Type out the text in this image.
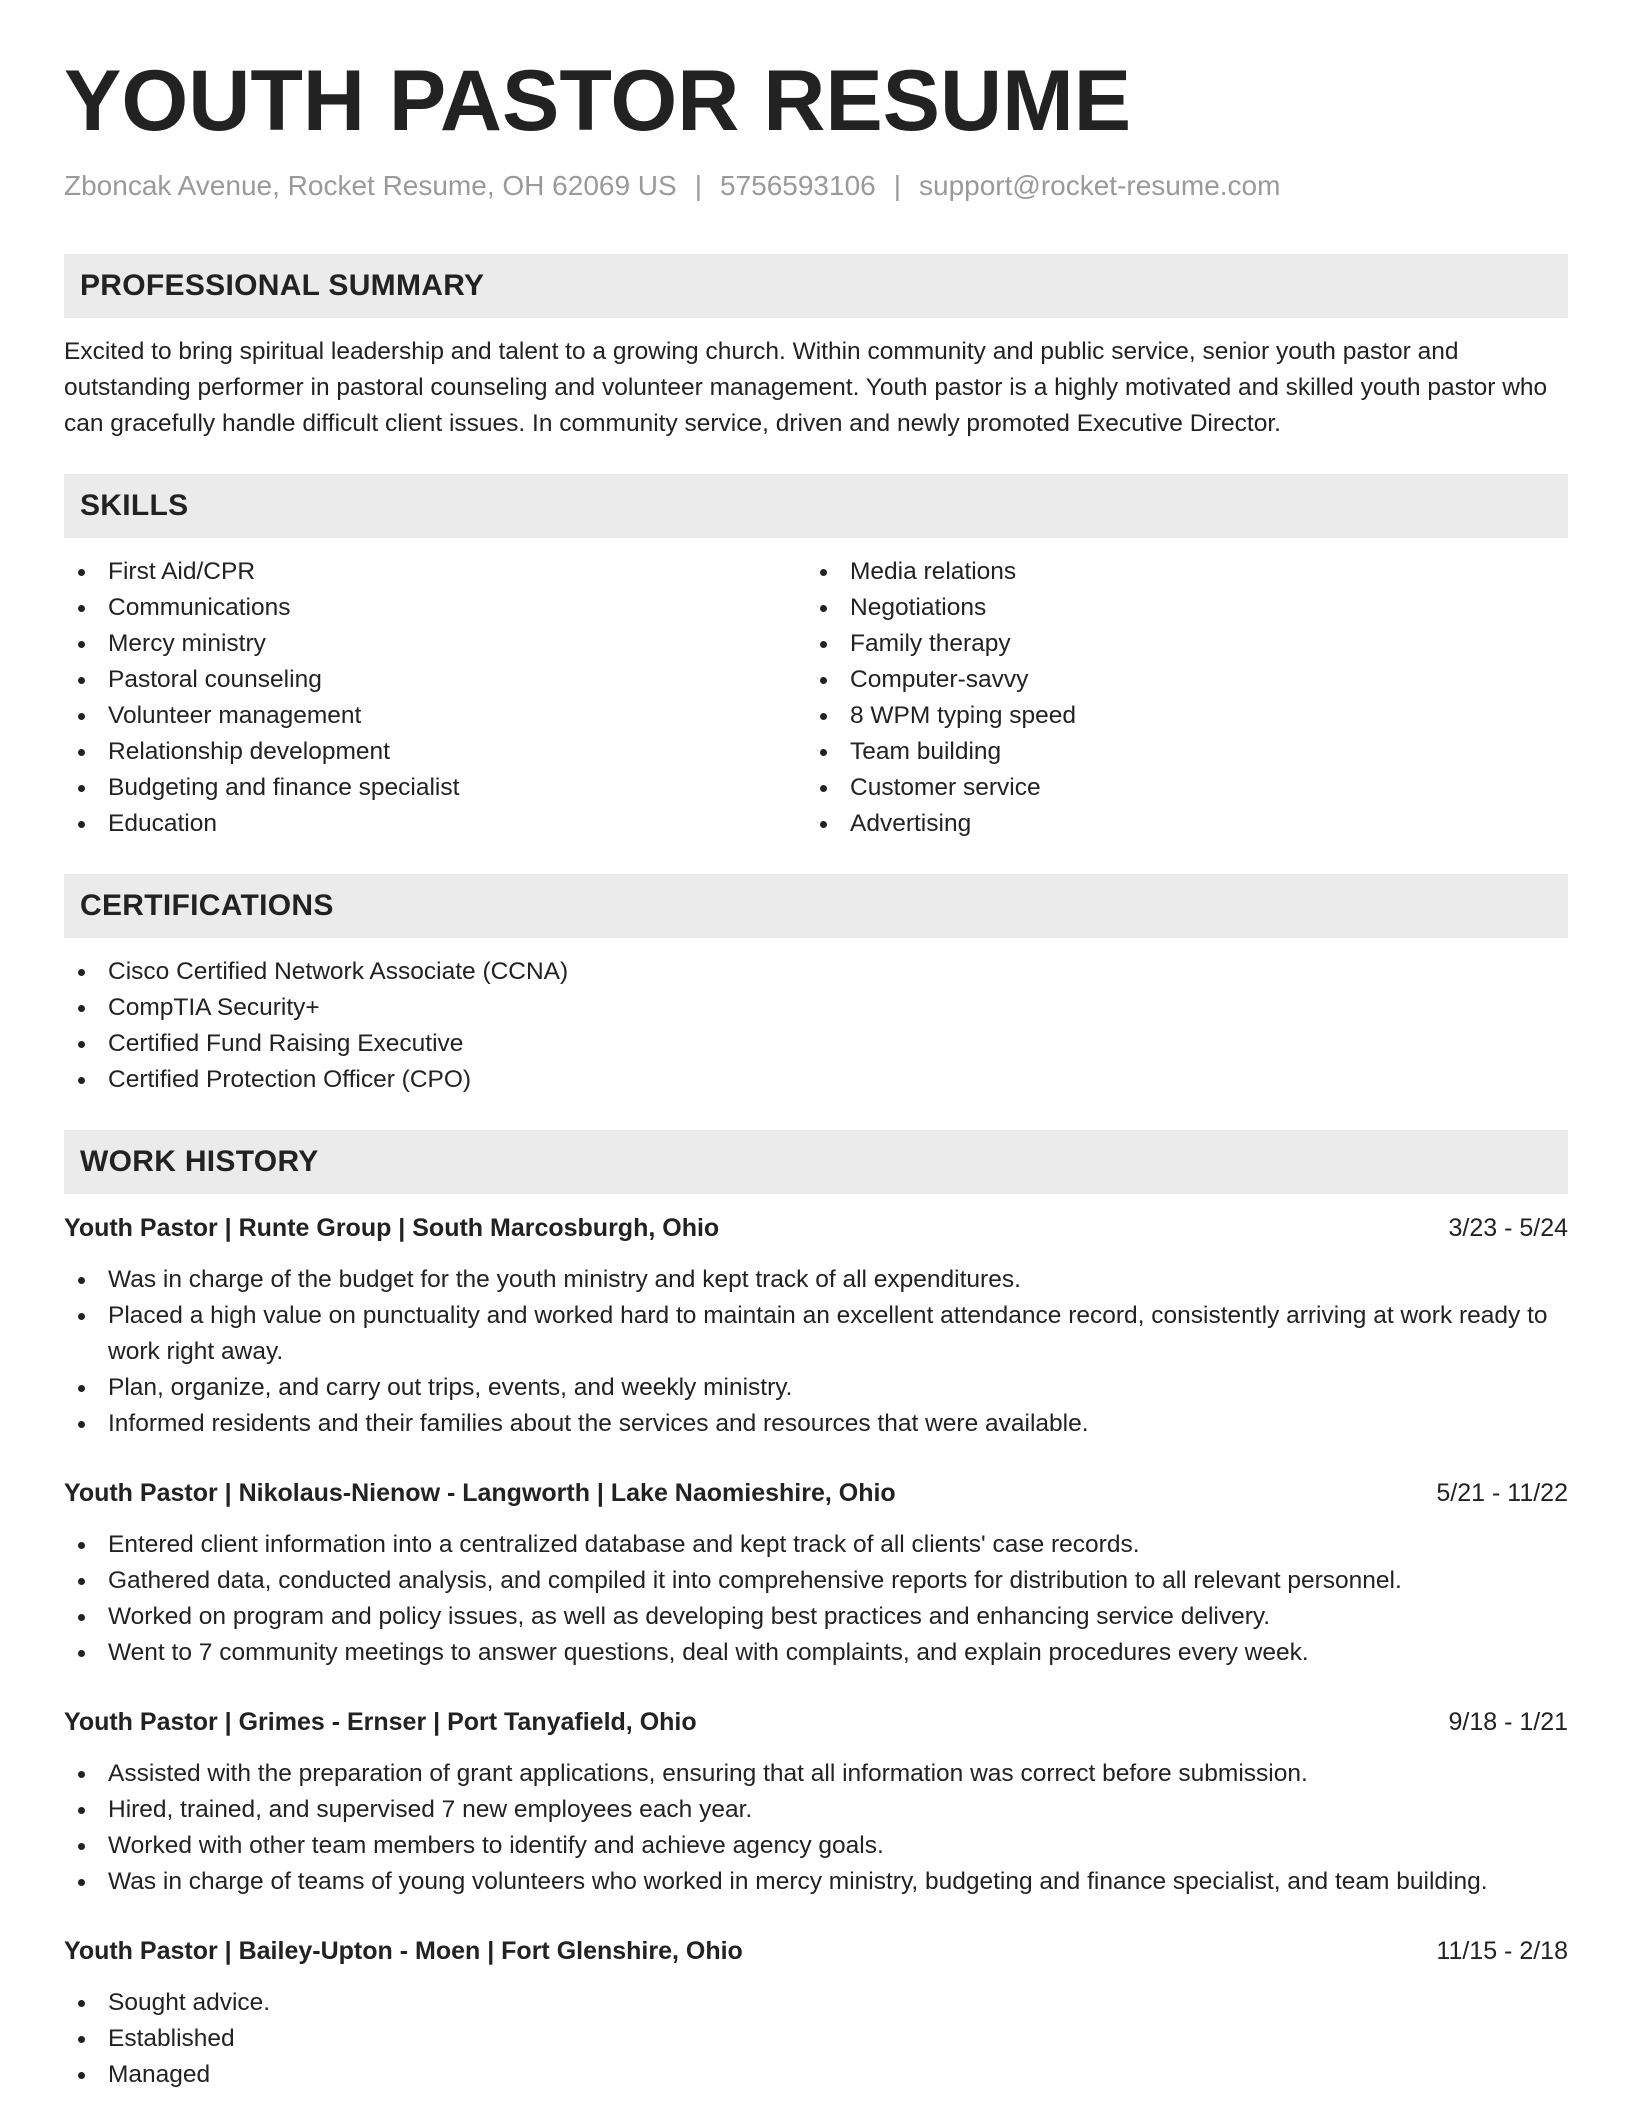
YOUTH PASTOR RESUME
Zboncak Avenue, Rocket Resume, OH 62069 US | 5756593106 | support@rocket-resume.com
PROFESSIONAL SUMMARY

Excited to bring spiritual leadership and talent to a growing church. Within community and public service, senior youth pastor and outstanding performer in pastoral counseling and volunteer management. Youth pastor is a highly motivated and skilled youth pastor who can gracefully handle difficult client issues. In community service, driven and newly promoted Executive Director.

SKILLS
First Aid/CPR
Communications
Mercy ministry
Pastoral counseling
Volunteer management
Relationship development
Budgeting and finance specialist
Education
Media relations
Negotiations
Family therapy
Computer-savvy
8 WPM typing speed
Team building
Customer service
Advertising
CERTIFICATIONS
Cisco Certified Network Associate (CCNA)
CompTIA Security+
Certified Fund Raising Executive
Certified Protection Officer (CPO)
WORK HISTORY
Youth Pastor | Runte Group | South Marcosburgh, Ohio	3/23 - 5/24
Was in charge of the budget for the youth ministry and kept track of all expenditures.
Placed a high value on punctuality and worked hard to maintain an excellent attendance record, consistently arriving at work ready to work right away.
Plan, organize, and carry out trips, events, and weekly ministry.
Informed residents and their families about the services and resources that were available.
Youth Pastor | Nikolaus-Nienow - Langworth | Lake Naomieshire, Ohio	5/21 - 11/22
Entered client information into a centralized database and kept track of all clients' case records.
Gathered data, conducted analysis, and compiled it into comprehensive reports for distribution to all relevant personnel.
Worked on program and policy issues, as well as developing best practices and enhancing service delivery.
Went to 7 community meetings to answer questions, deal with complaints, and explain procedures every week.
Youth Pastor | Grimes - Ernser | Port Tanyafield, Ohio	9/18 - 1/21
Assisted with the preparation of grant applications, ensuring that all information was correct before submission.
Hired, trained, and supervised 7 new employees each year.
Worked with other team members to identify and achieve agency goals.
Was in charge of teams of young volunteers who worked in mercy ministry, budgeting and finance specialist, and team building.
Youth Pastor | Bailey-Upton - Moen | Fort Glenshire, Ohio	11/15 - 2/18
Sought advice.
Established
Managed
